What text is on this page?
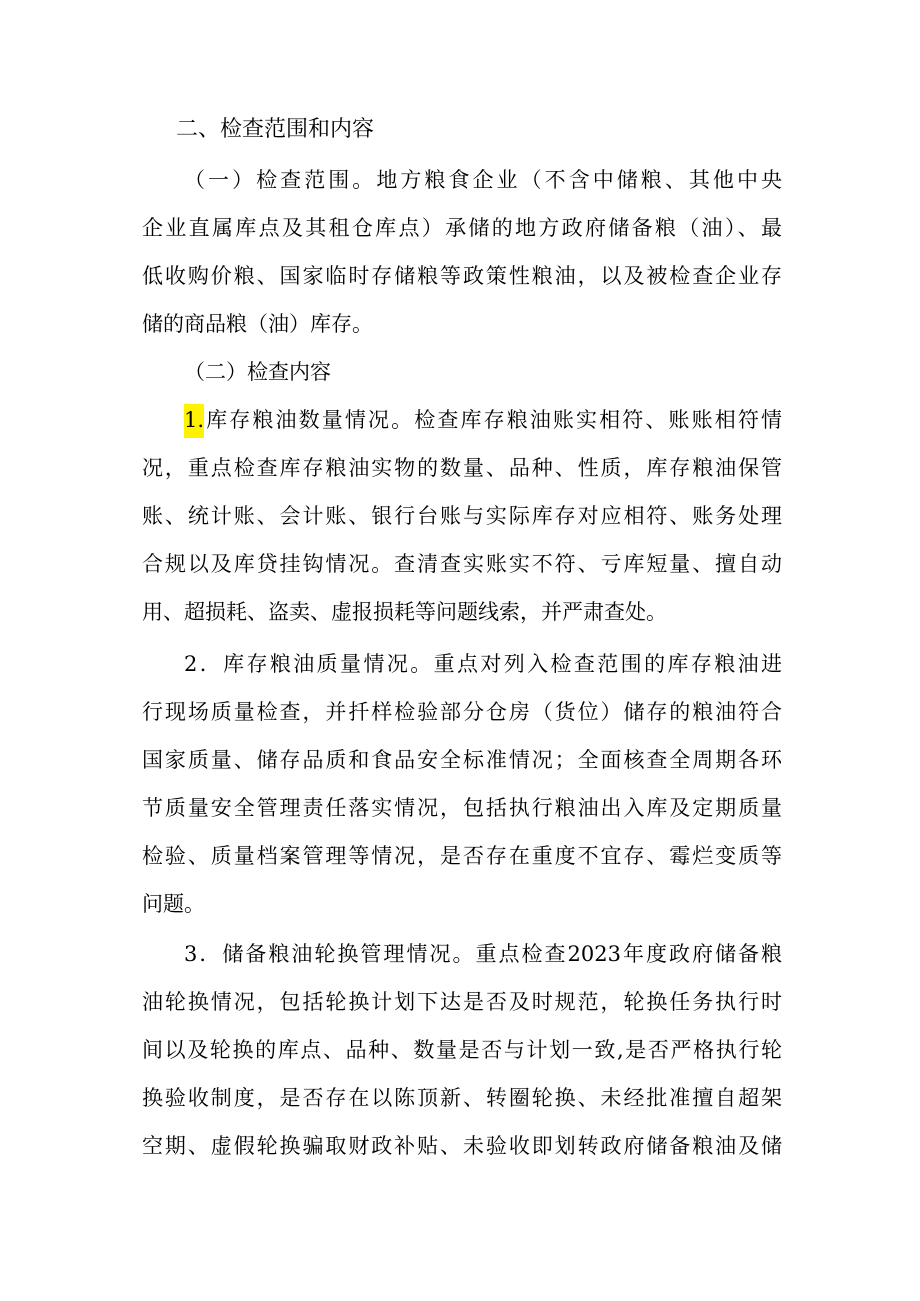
二、检查范围和内容
（一）检查范围。地方粮食企业（不含中储粮、其他中央
企业直属库点及其租仓库点）承储的地方政府储备粮（油）、最
低收购价粮、国家临时存储粮等政策性粮油，以及被检查企业存
储的商品粮（油）库存。
（二）检查内容
1.库存粮油数量情况。检查库存粮油账实相符、账账相符情
况，重点检查库存粮油实物的数量、品种、性质，库存粮油保管
账、统计账、会计账、银行台账与实际库存对应相符、账务处理
合规以及库贷挂钩情况。查清查实账实不符、亏库短量、擅自动
用、超损耗、盗卖、虚报损耗等问题线索，并严肃查处。
2．库存粮油质量情况。重点对列入检查范围的库存粮油进
行现场质量检查，并扦样检验部分仓房（货位）储存的粮油符合
国家质量、储存品质和食品安全标准情况；全面核查全周期各环
节质量安全管理责任落实情况，包括执行粮油出入库及定期质量
检验、质量档案管理等情况，是否存在重度不宜存、霉烂变质等
问题。
3．储备粮油轮换管理情况。重点检查2023年度政府储备粮
油轮换情况，包括轮换计划下达是否及时规范，轮换任务执行时
间以及轮换的库点、品种、数量是否与计划一致,是否严格执行轮
换验收制度，是否存在以陈顶新、转圈轮换、未经批准擅自超架
空期、虚假轮换骗取财政补贴、未验收即划转政府储备粮油及储
